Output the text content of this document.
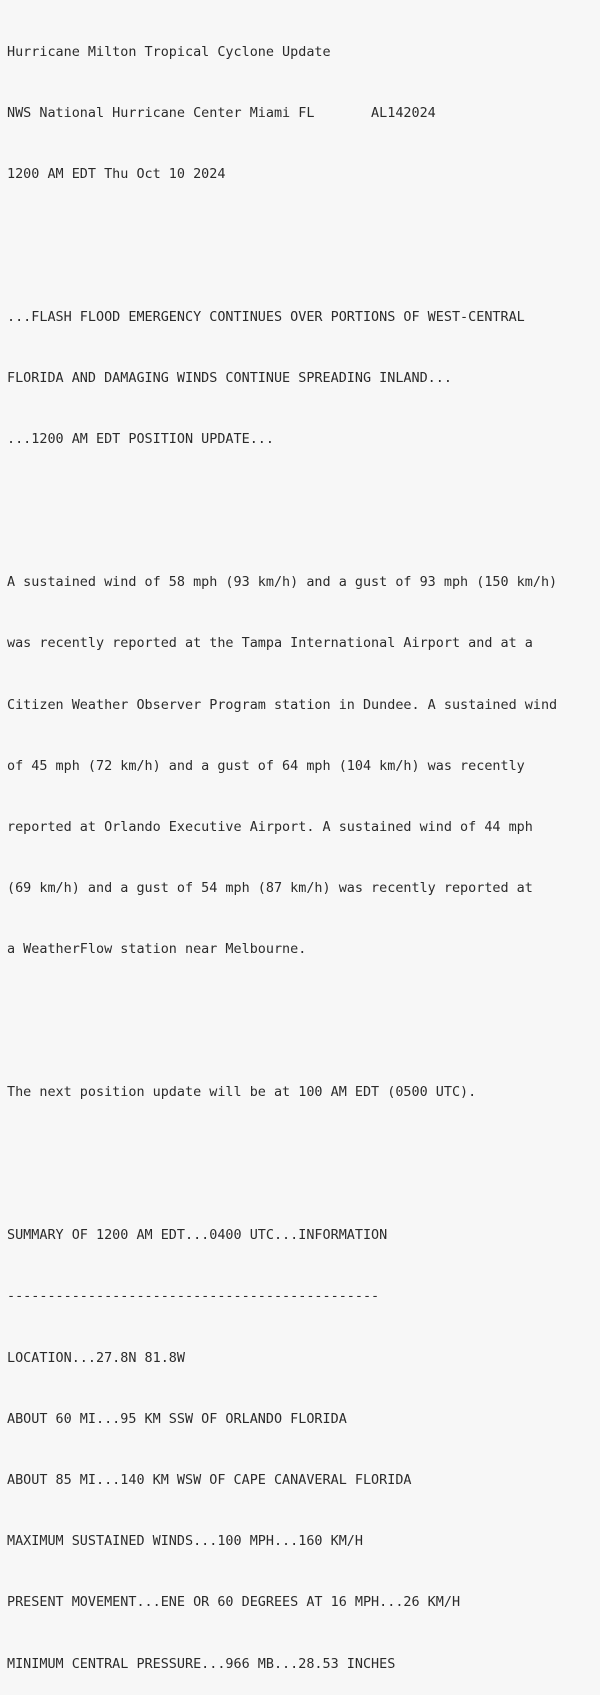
Hurricane Milton Tropical Cyclone Update

NWS National Hurricane Center Miami FL       AL142024

1200 AM EDT Thu Oct 10 2024

...FLASH FLOOD EMERGENCY CONTINUES OVER PORTIONS OF WEST-CENTRAL

FLORIDA AND DAMAGING WINDS CONTINUE SPREADING INLAND...

...1200 AM EDT POSITION UPDATE...

A sustained wind of 58 mph (93 km/h) and a gust of 93 mph (150 km/h)

was recently reported at the Tampa International Airport and at a

Citizen Weather Observer Program station in Dundee. A sustained wind

of 45 mph (72 km/h) and a gust of 64 mph (104 km/h) was recently

reported at Orlando Executive Airport. A sustained wind of 44 mph

(69 km/h) and a gust of 54 mph (87 km/h) was recently reported at

a WeatherFlow station near Melbourne.

The next position update will be at 100 AM EDT (0500 UTC).

SUMMARY OF 1200 AM EDT...0400 UTC...INFORMATION

----------------------------------------------

LOCATION...27.8N 81.8W

ABOUT 60 MI...95 KM SSW OF ORLANDO FLORIDA

ABOUT 85 MI...140 KM WSW OF CAPE CANAVERAL FLORIDA

MAXIMUM SUSTAINED WINDS...100 MPH...160 KM/H

PRESENT MOVEMENT...ENE OR 60 DEGREES AT 16 MPH...26 KM/H

MINIMUM CENTRAL PRESSURE...966 MB...28.53 INCHES
